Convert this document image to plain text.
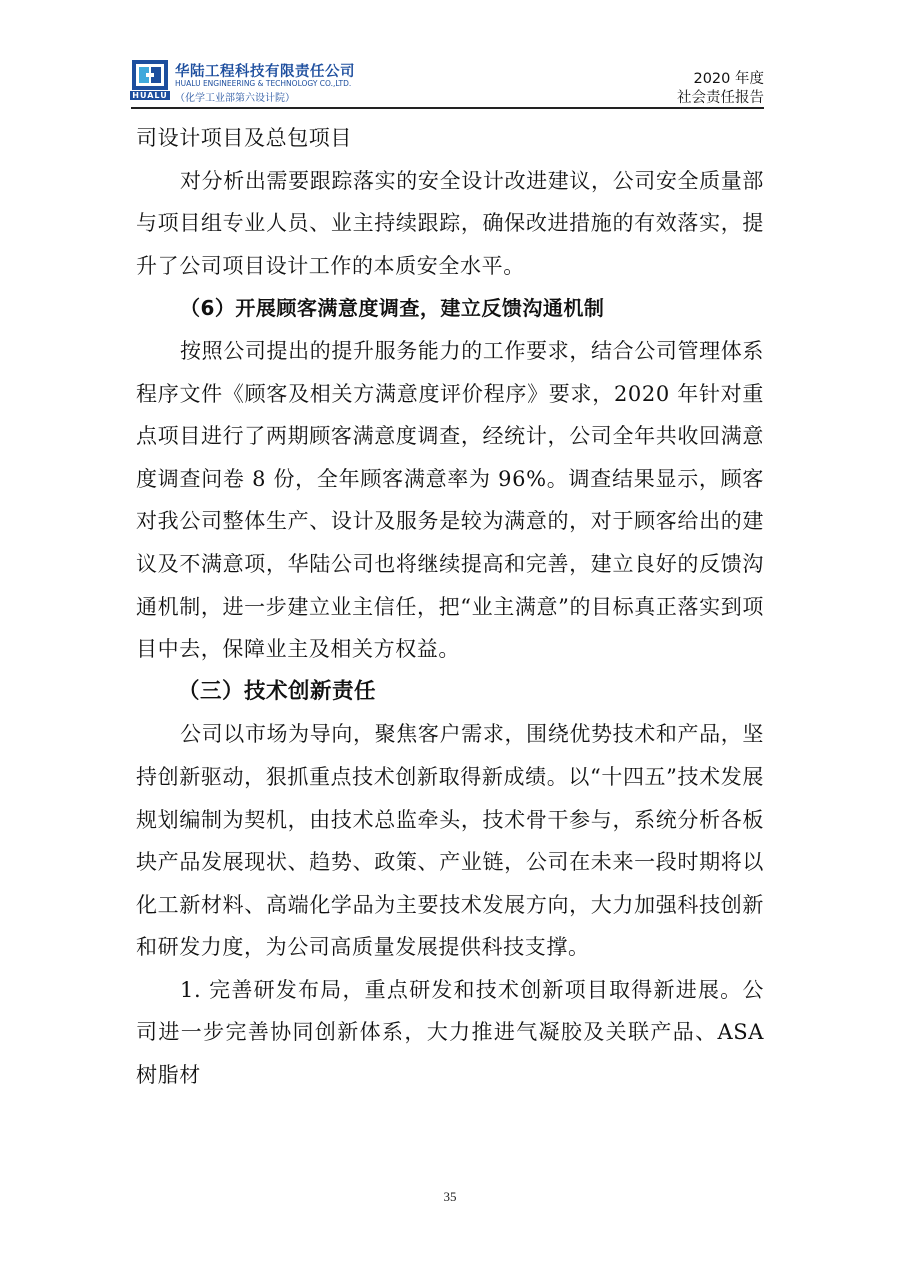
HUALU
华陆工程科技有限责任公司
HUALU ENGINEERING & TECHNOLOGY CO.,LTD.
（化学工业部第六设计院）
2020 年度
社会责任报告

司设计项目及总包项目

对分析出需要跟踪落实的安全设计改进建议，公司安全质量部与项目组专业人员、业主持续跟踪，确保改进措施的有效落实，提升了公司项目设计工作的本质安全水平。

（6）开展顾客满意度调查，建立反馈沟通机制

按照公司提出的提升服务能力的工作要求，结合公司管理体系程序文件《顾客及相关方满意度评价程序》要求，2020 年针对重点项目进行了两期顾客满意度调查，经统计，公司全年共收回满意度调查问卷 8 份，全年顾客满意率为 96%。调查结果显示，顾客对我公司整体生产、设计及服务是较为满意的，对于顾客给出的建议及不满意项，华陆公司也将继续提高和完善，建立良好的反馈沟通机制，进一步建立业主信任，把“业主满意”的目标真正落实到项目中去，保障业主及相关方权益。

（三）技术创新责任

公司以市场为导向，聚焦客户需求，围绕优势技术和产品，坚持创新驱动，狠抓重点技术创新取得新成绩。以“十四五”技术发展规划编制为契机，由技术总监牵头，技术骨干参与，系统分析各板块产品发展现状、趋势、政策、产业链，公司在未来一段时期将以化工新材料、高端化学品为主要技术发展方向，大力加强科技创新和研发力度，为公司高质量发展提供科技支撑。

1. 完善研发布局，重点研发和技术创新项目取得新进展。公司进一步完善协同创新体系，大力推进气凝胶及关联产品、ASA 树脂材

35
